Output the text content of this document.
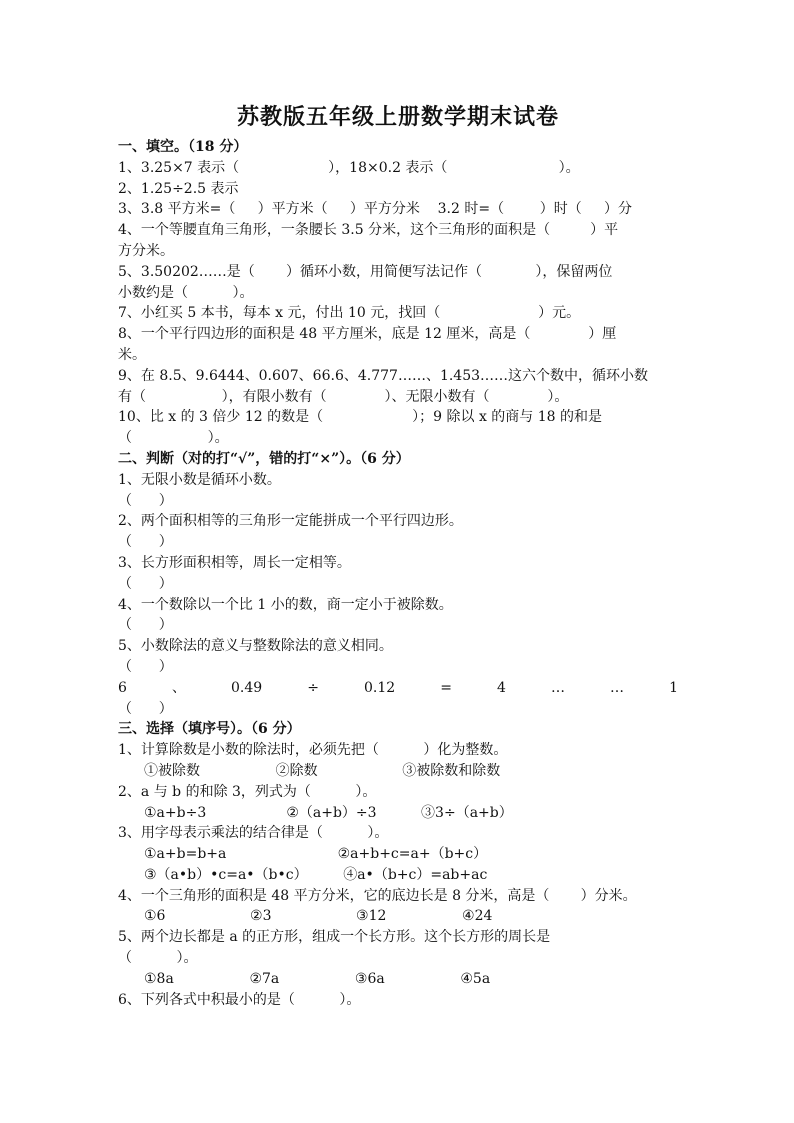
苏教版五年级上册数学期末试卷
一、填空。（18 分）
1、3.25×7 表示（                    ），18×0.2 表示（                         ）。
2、1.25÷2.5 表示
3、3.8 平方米=（     ）平方米（     ）平方分米    3.2 时=（        ）时（     ）分
4、一个等腰直角三角形，一条腰长 3.5 分米，这个三角形的面积是（         ）平
方分米。
5、3.50202……是（       ）循环小数，用简便写法记作（            ），保留两位
小数约是（          ）。
7、小红买 5 本书，每本 x 元，付出 10 元，找回（                      ）元。
8、一个平行四边形的面积是 48 平方厘米，底是 12 厘米，高是（             ）厘
米。
9、在 8.5、9.6444、0.607、66.6、4.777……、1.453……这六个数中，循环小数
有（                 ），有限小数有（             ）、无限小数有（             ）。
10、比 x 的 3 倍少 12 的数是（                    ）；9 除以 x 的商与 18 的和是
（                 ）。
二、判断（对的打“√”，错的打“×”）。（6 分）
1、无限小数是循环小数。
（      ）
2、两个面积相等的三角形一定能拼成一个平行四边形。
（      ）
3、长方形面积相等，周长一定相等。
（      ）
4、一个数除以一个比 1 小的数，商一定小于被除数。
（      ）
5、小数除法的意义与整数除法的意义相同。
（      ）
6	、	0.49	÷	0.12	=	4	…	…	1
（      ）
三、选择（填序号）。（6 分）
1、计算除数是小数的除法时，必须先把（          ）化为整数。
①被除数                 ②除数                   ③被除数和除数
2、a 与 b 的和除 3，列式为（          ）。
①a+b÷3                  ②（a+b）÷3          ③3÷（a+b）
3、用字母表示乘法的结合律是（          ）。
①a+b=b+a                         ②a+b+c=a+（b+c）
③（a•b）•c=a•（b•c）        ④a•（b+c）=ab+ac
4、一个三角形的面积是 48 平方分米，它的底边长是 8 分米，高是（       ）分米。
①6                   ②3                   ③12                 ④24
5、两个边长都是 a 的正方形，组成一个长方形。这个长方形的周长是
（          ）。
①8a                 ②7a                 ③6a                 ④5a
6、下列各式中积最小的是（          ）。
